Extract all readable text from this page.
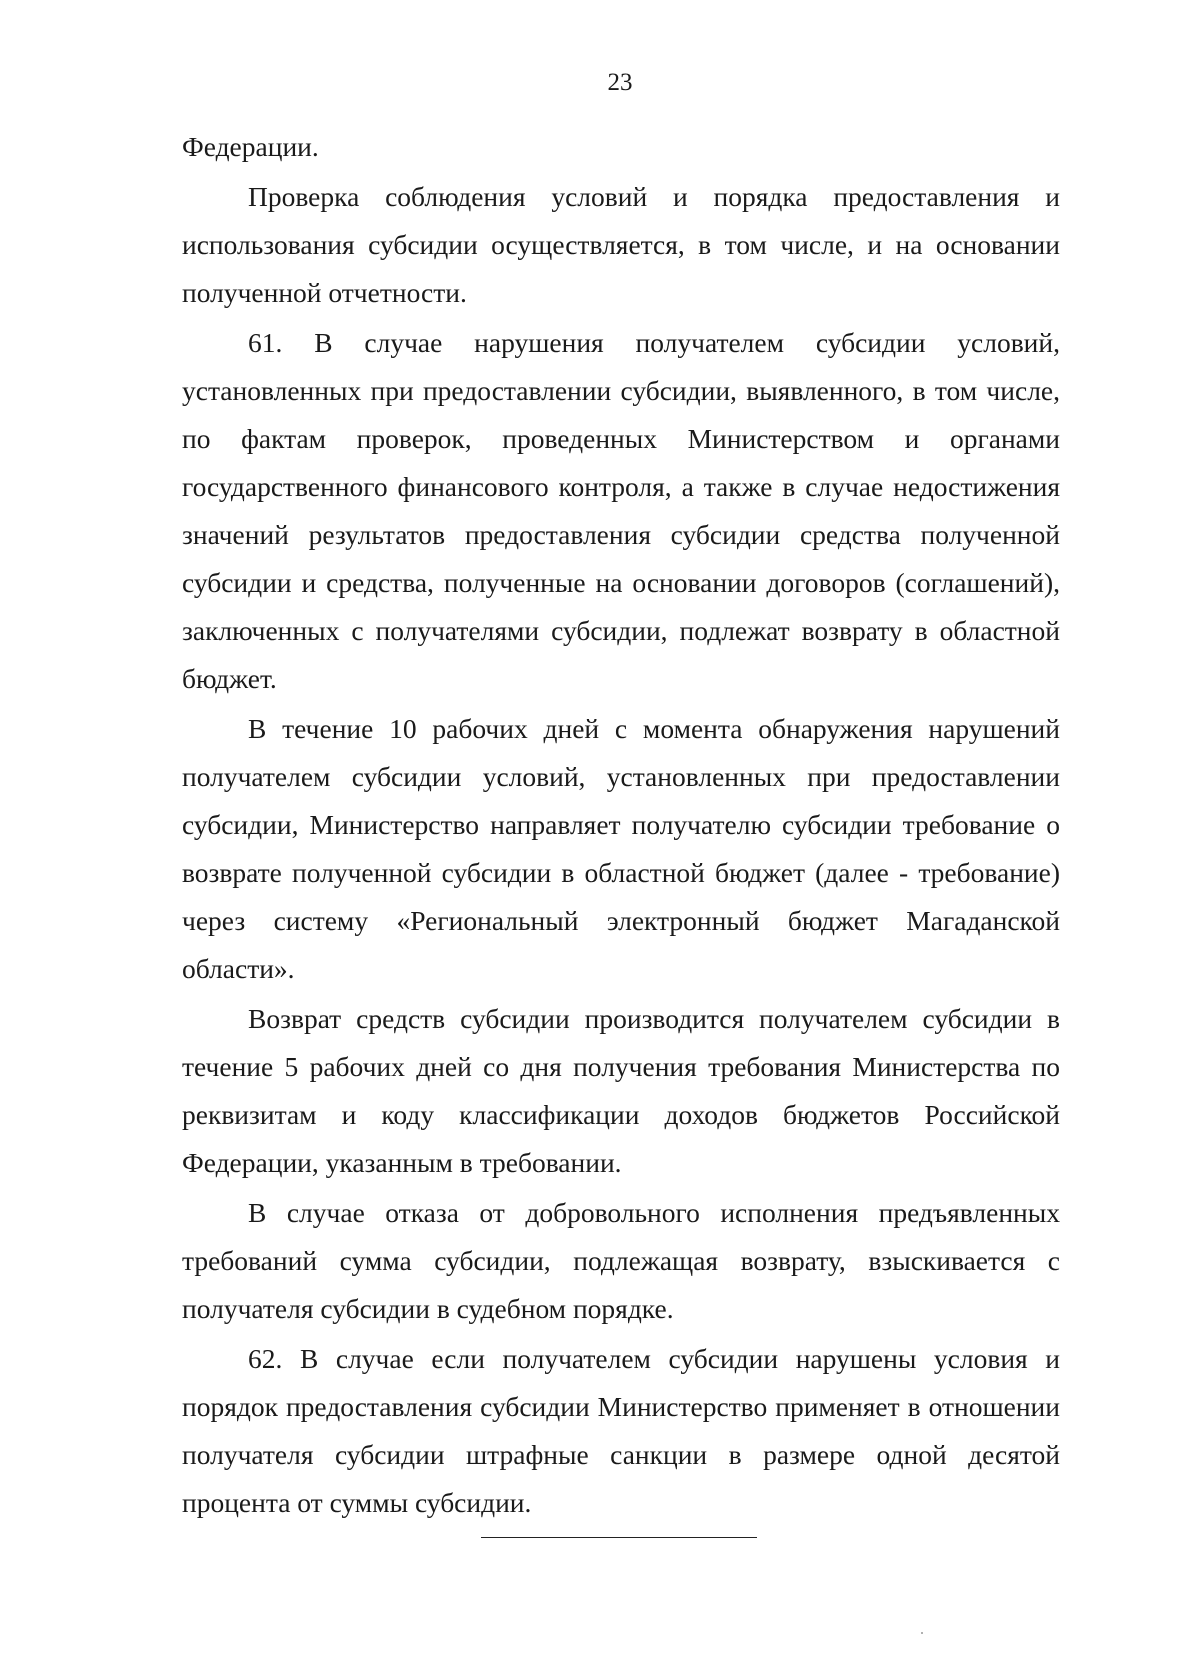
23

Федерации.

Проверка соблюдения условий и порядка предоставления и использования субсидии осуществляется, в том числе, и на основании полученной отчетности.

61. В случае нарушения получателем субсидии условий, установленных при предоставлении субсидии, выявленного, в том числе, по фактам проверок, проведенных Министерством и органами государственного финансового контроля, а также в случае недостижения значений результатов предоставления субсидии средства полученной субсидии и средства, полученные на основании договоров (соглашений), заключенных с получателями субсидии, подлежат возврату в областной бюджет.

В течение 10 рабочих дней с момента обнаружения нарушений получателем субсидии условий, установленных при предоставлении субсидии, Министерство направляет получателю субсидии требование о возврате полученной субсидии в областной бюджет (далее - требование) через систему «Региональный электронный бюджет Магаданской области».

Возврат средств субсидии производится получателем субсидии в течение 5 рабочих дней со дня получения требования Министерства по реквизитам и коду классификации доходов бюджетов Российской Федерации, указанным в требовании.

В случае отказа от добровольного исполнения предъявленных требований сумма субсидии, подлежащая возврату, взыскивается с получателя субсидии в судебном порядке.

62. В случае если получателем субсидии нарушены условия и порядок предоставления субсидии Министерство применяет в отношении получателя субсидии штрафные санкции в размере одной десятой процента от суммы субсидии.
